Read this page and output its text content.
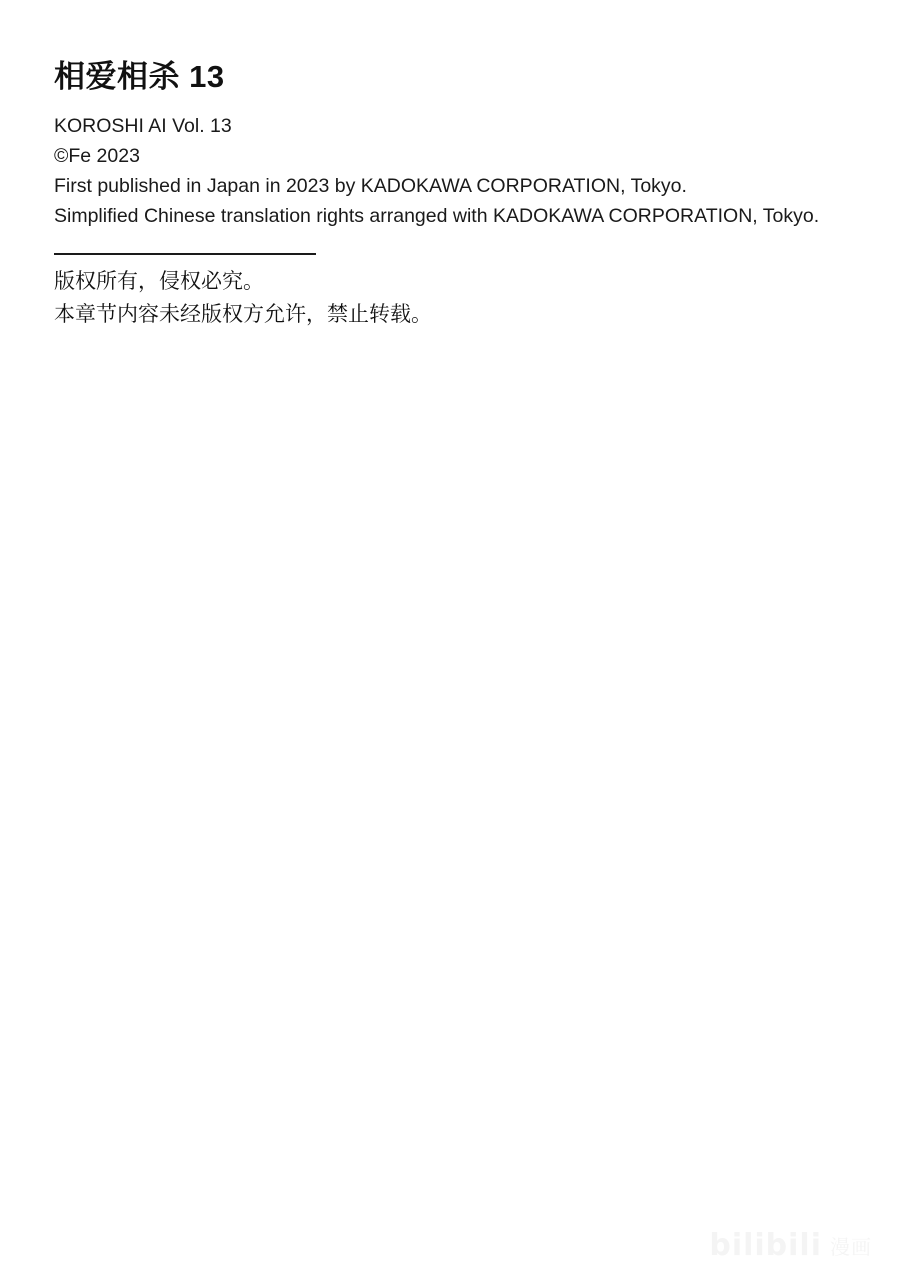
相爱相杀 13
KOROSHI AI Vol. 13
©Fe 2023
First published in Japan in 2023 by KADOKAWA CORPORATION, Tokyo.
Simplified Chinese translation rights arranged with KADOKAWA CORPORATION, Tokyo.
版权所有，侵权必究。
本章节内容未经版权方允许，禁止转载。
bilibili 漫画
